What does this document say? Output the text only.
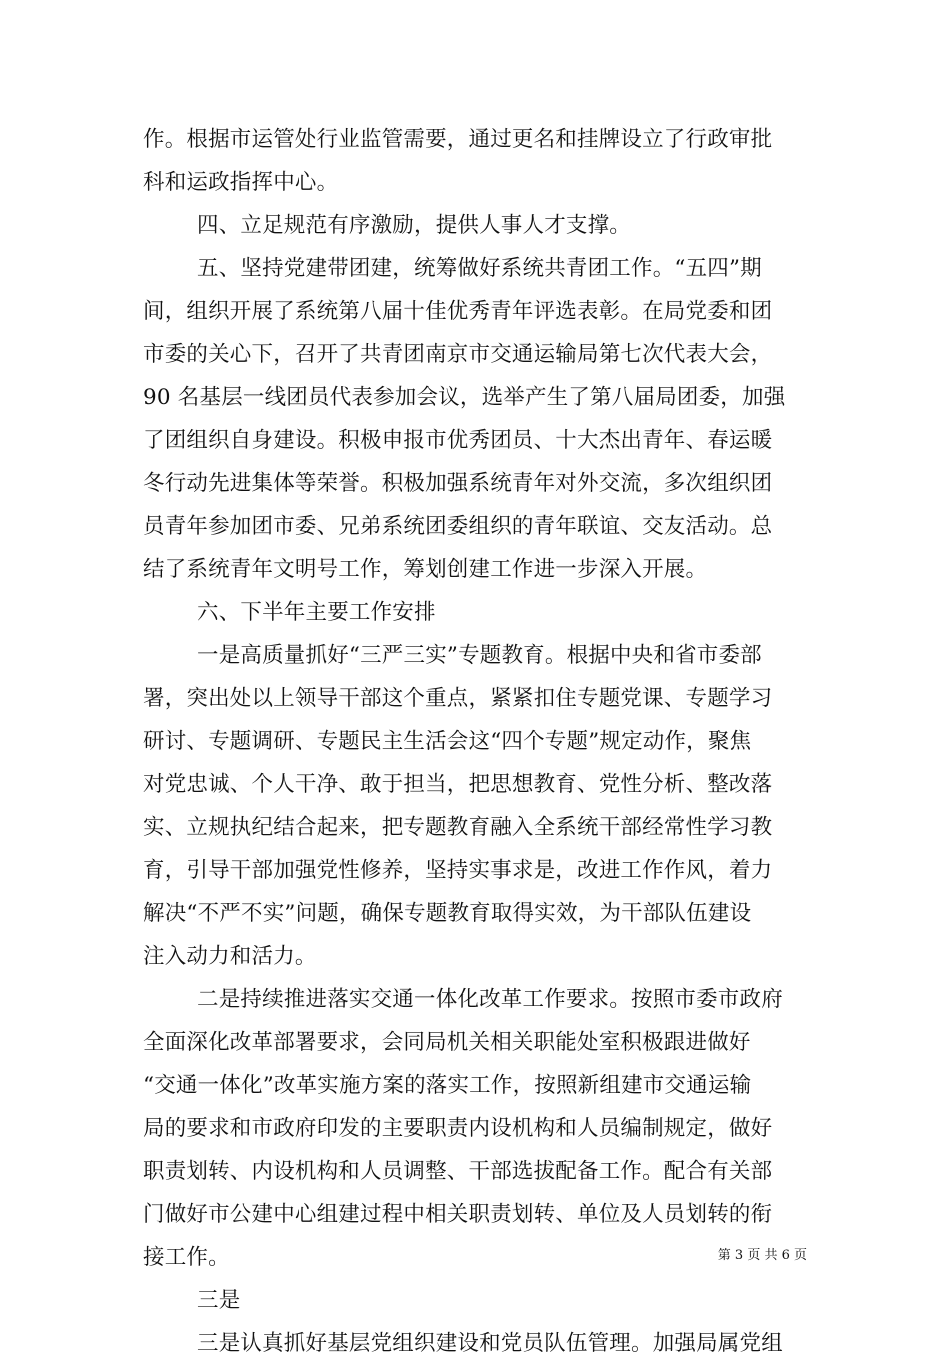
作。根据市运管处行业监管需要，通过更名和挂牌设立了行政审批
科和运政指挥中心。
四、立足规范有序激励，提供人事人才支撑。
五、坚持党建带团建，统筹做好系统共青团工作。“五四”期
间，组织开展了系统第八届十佳优秀青年评选表彰。在局党委和团
市委的关心下，召开了共青团南京市交通运输局第七次代表大会，
90 名基层一线团员代表参加会议，选举产生了第八届局团委，加强
了团组织自身建设。积极申报市优秀团员、十大杰出青年、春运暖
冬行动先进集体等荣誉。积极加强系统青年对外交流，多次组织团
员青年参加团市委、兄弟系统团委组织的青年联谊、交友活动。总
结了系统青年文明号工作，筹划创建工作进一步深入开展。
六、下半年主要工作安排
一是高质量抓好“三严三实”专题教育。根据中央和省市委部
署，突出处以上领导干部这个重点，紧紧扣住专题党课、专题学习
研讨、专题调研、专题民主生活会这“四个专题”规定动作，聚焦
对党忠诚、个人干净、敢于担当，把思想教育、党性分析、整改落
实、立规执纪结合起来，把专题教育融入全系统干部经常性学习教
育，引导干部加强党性修养，坚持实事求是，改进工作作风，着力
解决“不严不实”问题，确保专题教育取得实效，为干部队伍建设
注入动力和活力。
二是持续推进落实交通一体化改革工作要求。按照市委市政府
全面深化改革部署要求，会同局机关相关职能处室积极跟进做好
“交通一体化”改革实施方案的落实工作，按照新组建市交通运输
局的要求和市政府印发的主要职责内设机构和人员编制规定，做好
职责划转、内设机构和人员调整、干部选拔配备工作。配合有关部
门做好市公建中心组建过程中相关职责划转、单位及人员划转的衔
接工作。
三是
三是认真抓好基层党组织建设和党员队伍管理。加强局属党组
第 3 页 共 6 页
